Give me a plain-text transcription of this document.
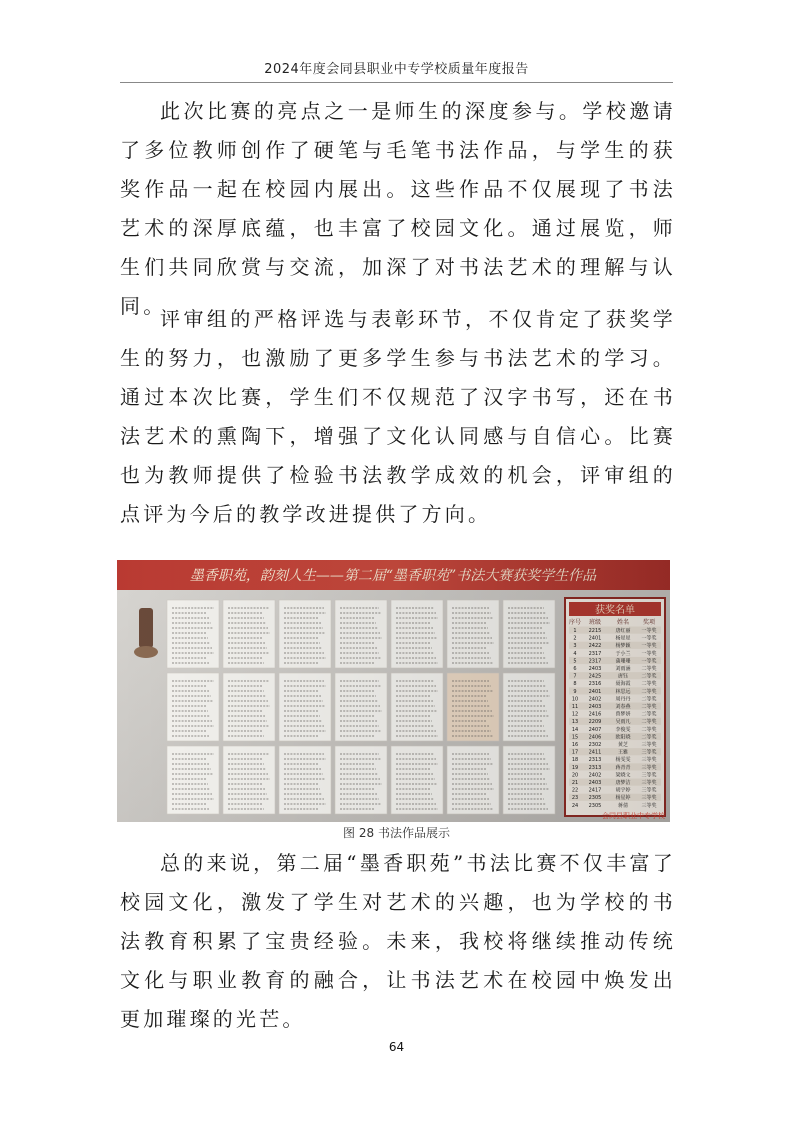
2024年度会同县职业中专学校质量年度报告

此次比赛的亮点之一是师生的深度参与。学校邀请了多位教师创作了硬笔与毛笔书法作品，与学生的获奖作品一起在校园内展出。这些作品不仅展现了书法艺术的深厚底蕴，也丰富了校园文化。通过展览，师生们共同欣赏与交流，加深了对书法艺术的理解与认同。

评审组的严格评选与表彰环节，不仅肯定了获奖学生的努力，也激励了更多学生参与书法艺术的学习。通过本次比赛，学生们不仅规范了汉字书写，还在书法艺术的熏陶下，增强了文化认同感与自信心。比赛也为教师提供了检验书法教学成效的机会，评审组的点评为今后的教学改进提供了方向。

会同县职业中专学校
图 28 书法作品展示

总的来说，第二届“墨香职苑”书法比赛不仅丰富了校园文化，激发了学生对艺术的兴趣，也为学校的书法教育积累了宝贵经验。未来，我校将继续推动传统文化与职业教育的融合，让书法艺术在校园中焕发出更加璀璨的光芒。

64
